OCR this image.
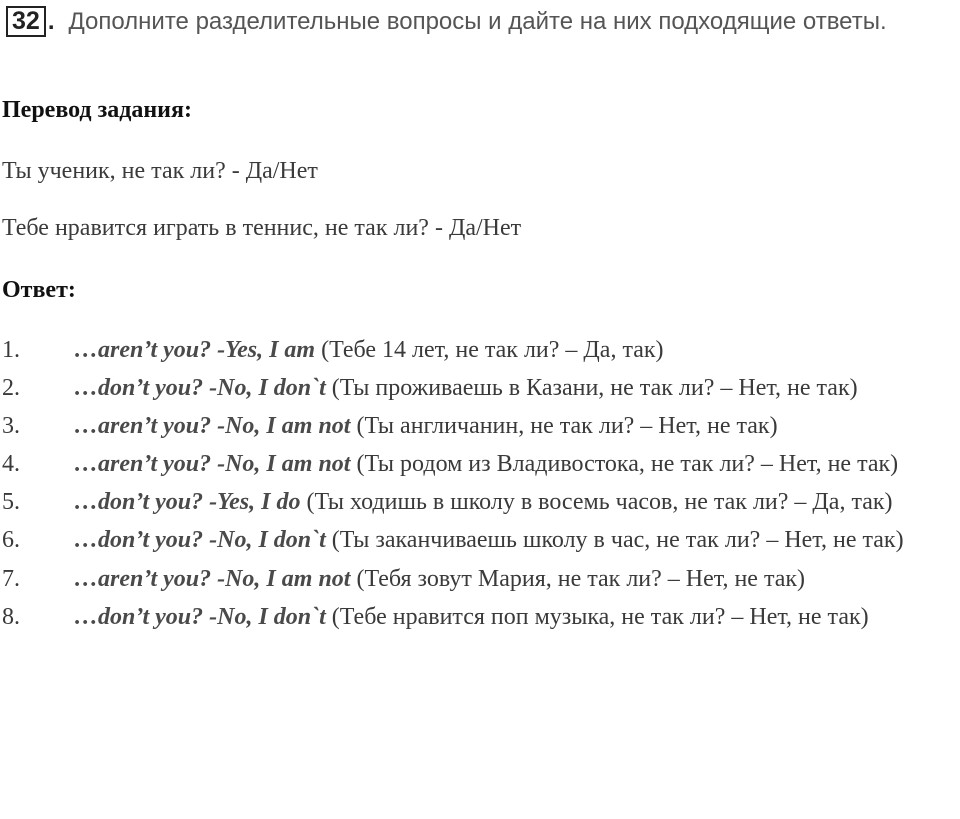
32 . Дополните разделительные вопросы и дайте на них подходящие ответы.
Перевод задания:
Ты ученик, не так ли? - Да/Нет
Тебе нравится играть в теннис, не так ли? - Да/Нет
Ответ:

1. …aren’t you? -Yes, I am (Тебе 14 лет, не так ли? – Да, так)

2. …don’t you? -No, I don`t (Ты проживаешь в Казани, не так ли? – Нет, не так)

3. …aren’t you? -No, I am not (Ты англичанин, не так ли? – Нет, не так)

4. …aren’t you? -No, I am not (Ты родом из Владивостока, не так ли? – Нет, не так)

5. …don’t you? -Yes, I do (Ты ходишь в школу в восемь часов, не так ли? – Да, так)

6. …don’t you? -No, I don`t (Ты заканчиваешь школу в час, не так ли? – Нет, не так)

7. …aren’t you? -No, I am not (Тебя зовут Мария, не так ли? – Нет, не так)

8. …don’t you? -No, I don`t (Тебе нравится поп музыка, не так ли? – Нет, не так)
